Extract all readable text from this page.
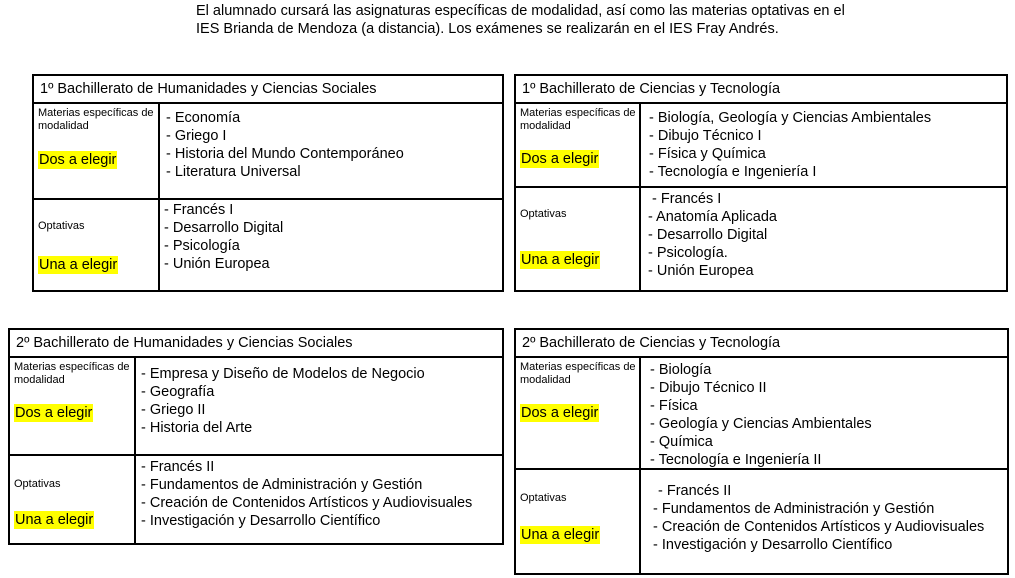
El alumnado cursará las asignaturas específicas de modalidad, así como las materias optativas en el IES Brianda de Mendoza (a distancia). Los exámenes se realizarán en el IES Fray Andrés.

1º Bachillerato de Humanidades y Ciencias Sociales
Materias específicas de modalidad
Dos a elegir
- Economía
- Griego I
- Historia del Mundo Contemporáneo
- Literatura Universal
Optativas
Una a elegir
- Francés I
- Desarrollo Digital
- Psicología
- Unión Europea
1º Bachillerato de Ciencias y Tecnología
Materias específicas de modalidad
Dos a elegir
- Biología, Geología y Ciencias Ambientales
- Dibujo Técnico I
- Física y Química
- Tecnología e Ingeniería I
Optativas
Una a elegir
- Francés I
- Anatomía Aplicada
- Desarrollo Digital
- Psicología.
- Unión Europea
2º Bachillerato de Humanidades y Ciencias Sociales
Materias específicas de modalidad
Dos a elegir
- Empresa y Diseño de Modelos de Negocio
- Geografía
- Griego II
- Historia del Arte
Optativas
Una a elegir
- Francés II
- Fundamentos de Administración y Gestión
- Creación de Contenidos Artísticos y Audiovisuales
- Investigación y Desarrollo Científico
2º Bachillerato de Ciencias y Tecnología
Materias específicas de modalidad
Dos a elegir
- Biología
- Dibujo Técnico II
- Física
- Geología y Ciencias Ambientales
- Química
- Tecnología e Ingeniería II
Optativas
Una a elegir
- Francés II
- Fundamentos de Administración y Gestión
- Creación de Contenidos Artísticos y Audiovisuales
- Investigación y Desarrollo Científico
